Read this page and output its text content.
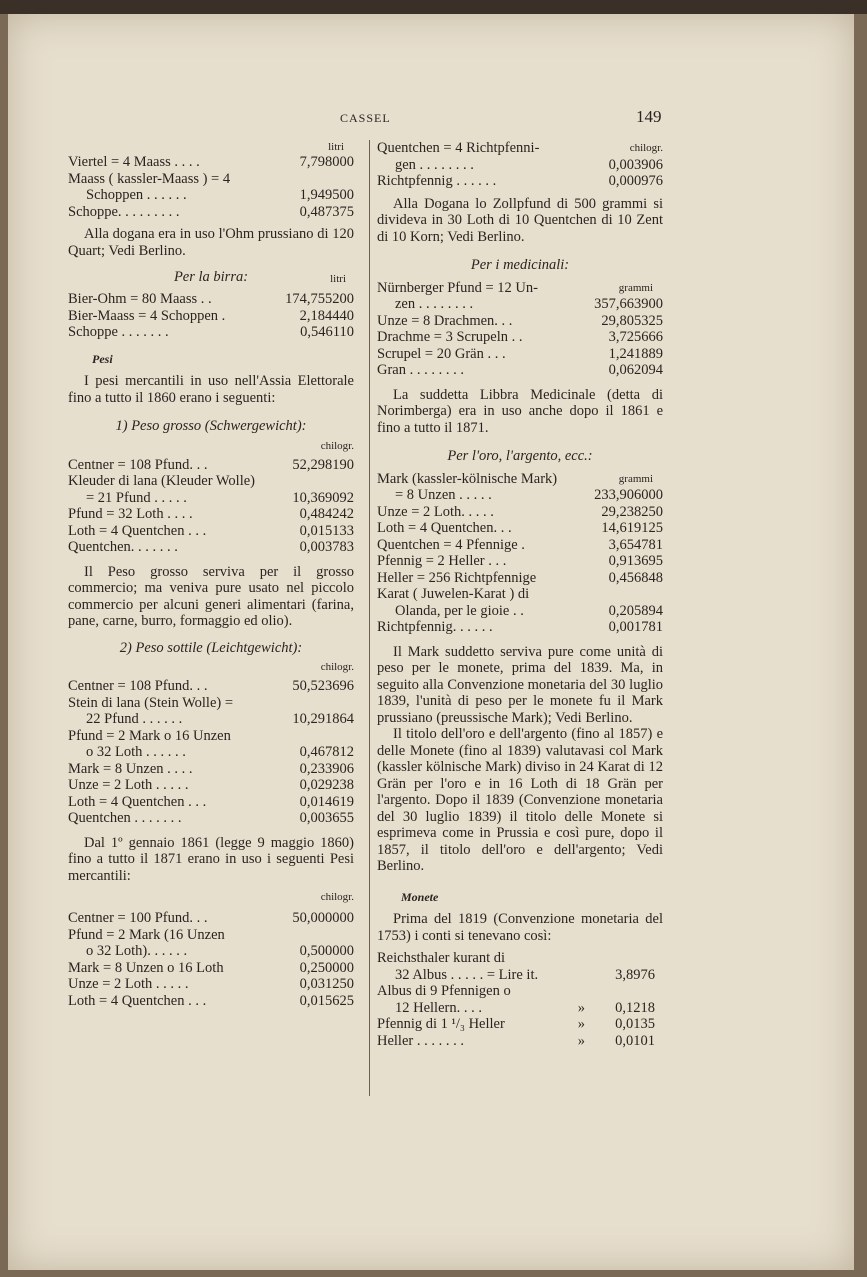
CASSEL	149
litri
Viertel = 4 Maass . . . .	7,798000
Maass ( kassler-Maass ) = 4
Schoppen . . . . . .	1,949500
Schoppe. . . . . . . . .	0,487375

Alla dogana era in uso l'Ohm prussiano di 120 Quart; Vedi Berlino.

Per la birra:	litri
Bier-Ohm = 80 Maass . .	174,755200
Bier-Maass = 4 Schoppen .	2,184440
Schoppe . . . . . . .	0,546110
Pesi

I pesi mercantili in uso nell'Assia Elettorale fino a tutto il 1860 erano i seguenti:

1) Peso grosso (Schwergewicht):

chilogr.
Centner = 108 Pfund. . .	52,298190
Kleuder di lana (Kleuder Wolle)
= 21 Pfund . . . . .	10,369092
Pfund = 32 Loth . . . .	0,484242
Loth = 4 Quentchen . . .	0,015133
Quentchen. . . . . . .	0,003783

Il Peso grosso serviva per il grosso commercio; ma veniva pure usato nel piccolo commercio per alcuni generi alimentari (farina, pane, carne, burro, formaggio ed olio).

2) Peso sottile (Leichtgewicht):

chilogr.
Centner = 108 Pfund. . .	50,523696
Stein di lana (Stein Wolle) =
22 Pfund . . . . . .	10,291864
Pfund = 2 Mark o 16 Unzen
o 32 Loth . . . . . .	0,467812
Mark = 8 Unzen . . . .	0,233906
Unze = 2 Loth . . . . .	0,029238
Loth = 4 Quentchen . . .	0,014619
Quentchen . . . . . . .	0,003655

Dal 1º gennaio 1861 (legge 9 maggio 1860) fino a tutto il 1871 erano in uso i seguenti Pesi mercantili:

chilogr.
Centner = 100 Pfund. . .	50,000000
Pfund = 2 Mark (16 Unzen
o 32 Loth). . . . . .	0,500000
Mark = 8 Unzen o 16 Loth	0,250000
Unze = 2 Loth . . . . .	0,031250
Loth = 4 Quentchen . . .	0,015625
Quentchen = 4 Richtpfenni-	chilogr.
gen . . . . . . . .	0,003906
Richtpfennig . . . . . .	0,000976

Alla Dogana lo Zollpfund di 500 grammi si divideva in 30 Loth di 10 Quentchen di 10 Zent di 10 Korn; Vedi Berlino.

Per i medicinali:

Nürnberger Pfund = 12 Un-	grammi
zen . . . . . . . .	357,663900
Unze = 8 Drachmen. . .	29,805325
Drachme = 3 Scrupeln . .	3,725666
Scrupel = 20 Grän . . .	1,241889
Gran . . . . . . . .	0,062094

La suddetta Libbra Medicinale (detta di Norimberga) era in uso anche dopo il 1861 e fino a tutto il 1871.

Per l'oro, l'argento, ecc.:

Mark (kassler-kölnische Mark)	grammi
= 8 Unzen . . . . .	233,906000
Unze = 2 Loth. . . . .	29,238250
Loth = 4 Quentchen. . .	14,619125
Quentchen = 4 Pfennige .	3,654781
Pfennig = 2 Heller . . .	0,913695
Heller = 256 Richtpfennige	0,456848
Karat ( Juwelen-Karat ) di
Olanda, per le gioie . .	0,205894
Richtpfennig. . . . . .	0,001781

Il Mark suddetto serviva pure come unità di peso per le monete, prima del 1839. Ma, in seguito alla Convenzione monetaria del 30 luglio 1839, l'unità di peso per le monete fu il Mark prussiano (preussische Mark); Vedi Berlino.

Il titolo dell'oro e dell'argento (fino al 1857) e delle Monete (fino al 1839) valutavasi col Mark (kassler kölnische Mark) diviso in 24 Karat di 12 Grän per l'oro e in 16 Loth di 18 Grän per l'argento. Dopo il 1839 (Convenzione monetaria del 30 luglio 1839) il titolo delle Monete si esprimeva come in Prussia e così pure, dopo il 1857, il titolo dell'oro e dell'argento; Vedi Berlino.

Monete

Prima del 1819 (Convenzione monetaria del 1753) i conti si tenevano così:

Reichsthaler kurant di
32 Albus . . . . . = Lire it.	3,8976
Albus di 9 Pfennigen o
12 Hellern. . . .	» 0,1218
Pfennig di 1 ¹/₃ Heller	» 0,0135
Heller . . . . . . .	» 0,0101
